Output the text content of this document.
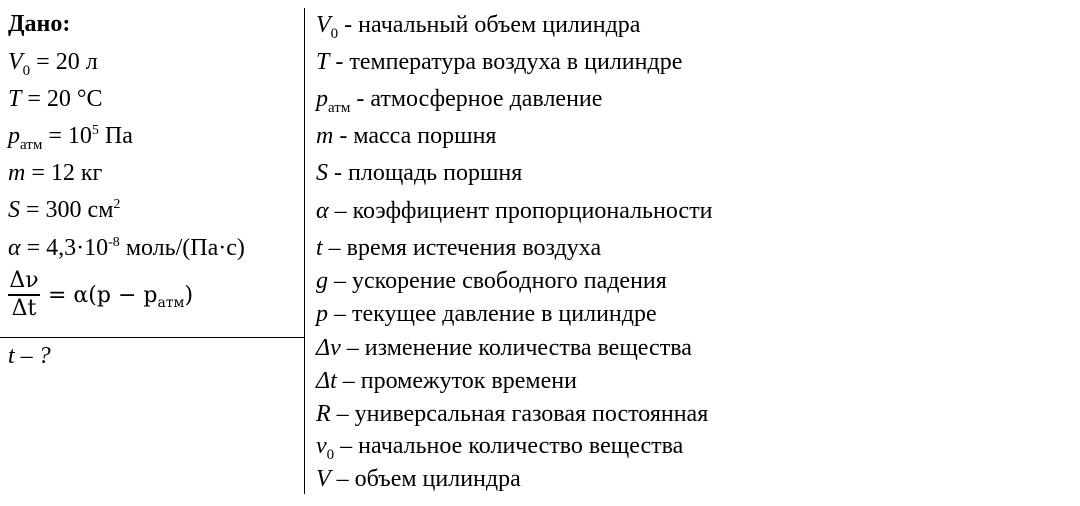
Дано:
$V_0 = 20$ л
T = 20 °С
$p_{атм} = 10^5$ Па
m = 12 кг
S = 300 $см^2$
$\alpha = 4,3\cdot 10^{-8}$ моль/(Па·с)
$\frac{\Delta\nu}{\Delta t} = \alpha(p - p_{атм})$
t – ?
$V_0$ - начальный объем цилиндра
T - температура воздуха в цилиндре
$p_{атм}$ - атмосферное давление
m - масса поршня
S - площадь поршня
α – коэффициент пропорциональности
t – время истечения воздуха
g – ускорение свободного падения
p – текущее давление в цилиндре
Δν – изменение количества вещества
Δt – промежуток времени
R – универсальная газовая постоянная
$\nu_0$ – начальное количество вещества
V – объем цилиндра
